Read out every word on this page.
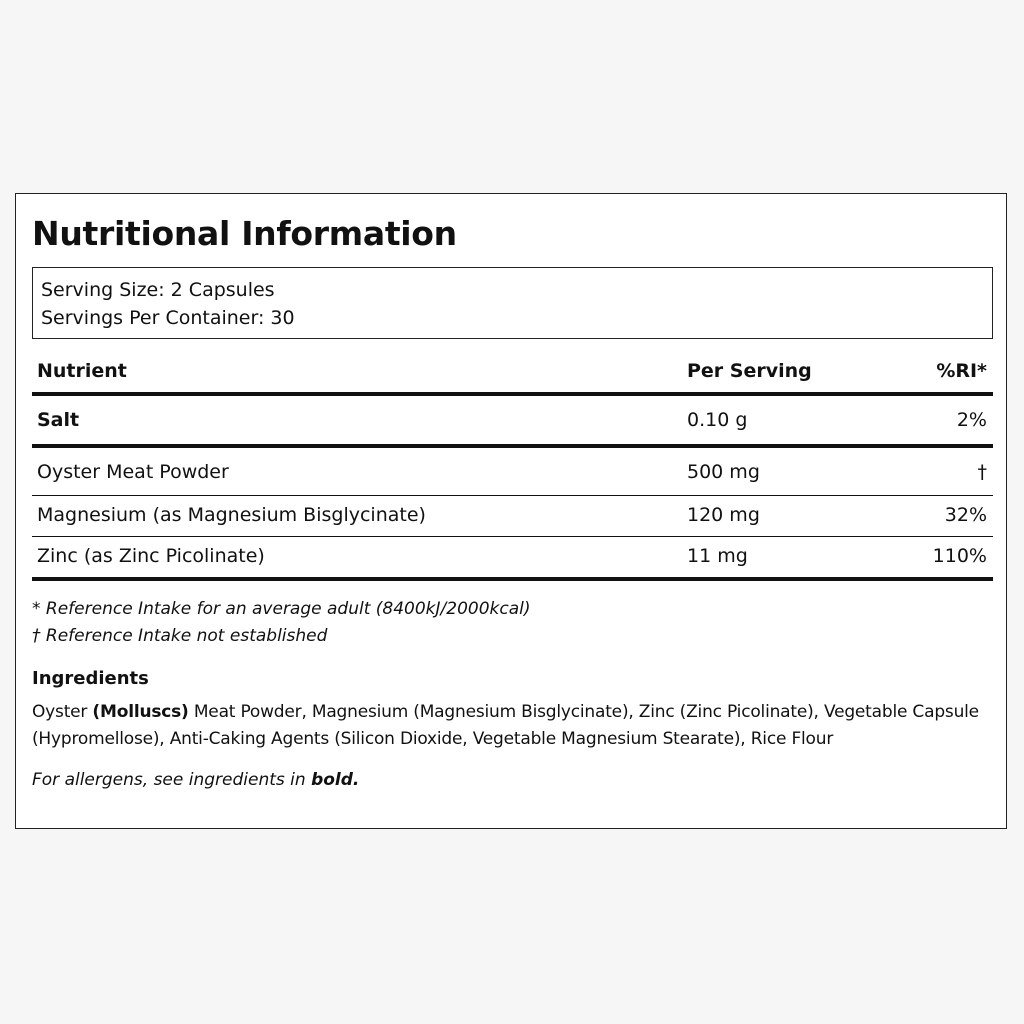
Nutritional Information
Serving Size: 2 Capsules
Servings Per Container: 30
Nutrient	Per Serving	%RI*
Salt	0.10 g	2%
Oyster Meat Powder	500 mg	†
Magnesium (as Magnesium Bisglycinate)	120 mg	32%
Zinc (as Zinc Picolinate)	11 mg	110%
* Reference Intake for an average adult (8400kJ/2000kcal)
† Reference Intake not established
Ingredients
Oyster (Molluscs) Meat Powder, Magnesium (Magnesium Bisglycinate), Zinc (Zinc Picolinate), Vegetable Capsule (Hypromellose), Anti-Caking Agents (Silicon Dioxide, Vegetable Magnesium Stearate), Rice Flour
For allergens, see ingredients in bold.
